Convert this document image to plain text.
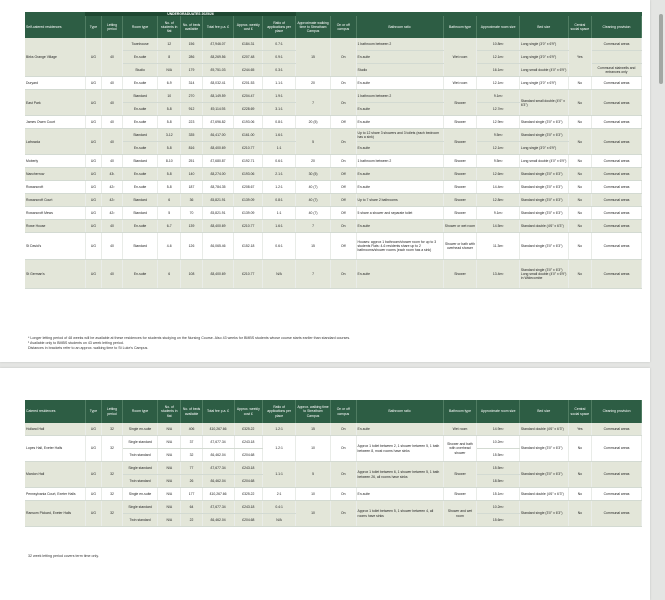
	UNDERGRADUATES 2025/26															
Self-catered residences	Type	Letting period	Room type	No. of students in flat	No. of beds available	Total fee p.a. £	Approx. weekly cost £	Ratio of applications per place	Approximate walking time to Streatham Campus	On or off campus	Bathroom ratio	Bathroom type	Approximate room size	Bed size	Central social space	Cleaning provision
Birks Grange Village	UG	40	Townhouse	12	156	£7,946.07	£184.31	0.7:1	15	On	1 bathroom between 2	Wet room	10.8m²	Long single (3'0" x 6'9")	Yes	Communal areas
			En-suite	8	286	£8,269.56	£207.48	0.9:1			En-suite		12.1m²	Long single (3'0" x 6'9")		
			Studio	N/A	179	£9,751.03	£244.65	0.3:1			Studio		16.1m²	Long small double (4'0" x 6'9")		Communal stairwells and entrances only
Duryard	UG	40	En-suite	6-9	314	£8,032.41	£201.53	1.1:1	20	On	En-suite	Wet room	12.1m²	Long single (3'0" x 6'9")	No	Communal areas
East Park	UG	40	Standard	10	270	£8,149.59	£204.47	1.9:1	7	On	1 bathroom between 2	Shower	9.1m²	Standard small double (4'0" x 6'3")	No	Communal areas
			En-suite	5-8	912	£9,114.93	£228.69	3.1:1			En-suite		12.7m²			
James Owen Court	UG	40	En-suite	5-8	223	£7,696.82	£193.06	0.8:1	20 (5)	Off	En-suite	Shower	12.9m²	Standard single (3'0" x 6'3")	No	Communal areas
Lafrowda	UG	40	Standard	3-12	335	£6,417.00	£161.00	1.6:1	5	On	Up to 12 share 3 showers and 3 toilets (each bedroom has a sink)	Shower	9.5m²	Standard single (3'0" x 6'3")	No	Communal areas
			En-suite	5-8	816	£8,400.69	£210.77	1:1			En-suite		12.1m²	Long single (3'0" x 6'9")		
Moberly	UG	40	Standard	8-10	251	£7,680.87	£192.71	0.6:1	20	On	1 bathroom between 2	Shower	9.5m²	Long small double (4'0" x 6'9")	No	Communal areas
Nancherrow	UG	43¹	En-suite	5-8	140	£8,274.00	£193.06	2.1:1	30 (5)	Off	En-suite	Shower	12.6m²	Standard single (3'0" x 6'3")	No	Communal areas
Rowancroft	UG	42²	En-suite	5-8	187	£8,784.35	£208.67	1.2:1	40 (7)	Off	En-suite	Shower	14.4m²	Standard single (3'0" x 6'3")	No	Communal areas
Rowancroft Court	UG	42²	Standard	6	36	£5,821.91	£139.09	0.8:1	40 (7)	Off	Up to 7 share 2 bathrooms	Shower	12.8m²	Standard single (3'0" x 6'3")	No	Communal areas
Rowancroft Mews	UG	42²	Standard	5	70	£5,821.91	£139.09	1:1	40 (7)	Off	5 share a shower and separate toilet	Shower	9.1m²	Standard single (3'0" x 6'3")	No	Communal areas
Rowe House	UG	40	En-suite	6-7	139	£8,400.69	£210.77	1.6:1	7	On	En-suite	Shower or wet room	14.5m²	Standard double (4'6" x 6'3")	No	Communal areas
St David's	UG	40	Standard	4-6	126	£6,065.46	£152.18	0.6:1	15	Off	Houses: approx 1 bathroom/shower room for up to 3 students Flats: 4-6 residents share up to 2 bathrooms/shower rooms (each room has a sink)	Shower or bath with overhead shower	11.3m²	Standard single (3'0" x 6'3")	No	Communal areas
St German's	UG	40	En-suite	6	108	£8,400.69	£210.77	N/A	7	On	En-suite	Shower	13.4m²	Standard single (3'0" x 6'3") Long small double (4'0" x 6'9") in Widecombe	No	Communal areas
* Longer letting period of 48 weeks will be available at these residences for students studying on the Nursing Course. Also 43 weeks for BMBS students whose course starts earlier than standard courses.
¹ Available only to BMBS students on 43 week letting period.
Distances in brackets refer to an approx. walking time to St Luke's Campus.
Catered residences	Type	Letting period	Room type	No. of students in flat	No. of beds available	Total fee p.a. £	Approx. weekly cost £	Ratio of applications per place	Approx. walking time to Streatham Campus	On or off campus	Bathroom ratio	Bathroom type	Approximate room size	Bed size	Central social space	Cleaning provision
Holland Hall	UG	32	Single en-suite	N/A	406	£10,267.66	£325.22	1.2:1	15	On	En-suite	Wet room	14.9m²	Standard double (4'6" x 6'3")	Yes	Communal areas
Lopes Hall, Exeter Halls	UG	32	Single standard	N/A	37	£7,677.34	£243.18	1.2:1	10	On	Approx 1 toilet between 2, 1 shower between 5, 1 bath between 8, most rooms have sinks	Shower and bath with overhead shower	10.2m²	Standard single (3'0" x 6'3")	No	Communal areas
			Twin standard	N/A	32	£6,462.04	£204.68						15.5m²			
Mardon Hall	UG	32	Single standard	N/A	77	£7,677.34	£243.18	1.1:1	5	On	Approx 1 toilet between 6, 1 shower between 5, 1 bath between 26, all rooms have sinks	Shower	15.5m²	Standard single (3'0" x 6'3")	No	Communal areas
			Twin standard	N/A	26	£6,462.04	£204.68						18.5m²			
Pennsylvania Court, Exeter Halls	UG	32	Single en-suite	N/A	177	£10,267.66	£325.22	2:1	10	On	En-suite	Shower	15.1m²	Standard double (4'6" x 6'3")	No	Communal areas
Ransom Pickard, Exeter Halls	UG	32	Single standard	N/A	64	£7,677.34	£243.18	0.4:1	10	On	Approx 1 toilet between 5, 1 shower between 4, all rooms have sinks	Shower and wet room	10.2m²	Standard single (3'0" x 6'3")	No	Communal areas
			Twin standard	N/A	22	£6,462.04	£204.68	N/A					15.6m²			
32 week letting period covers term time only.
